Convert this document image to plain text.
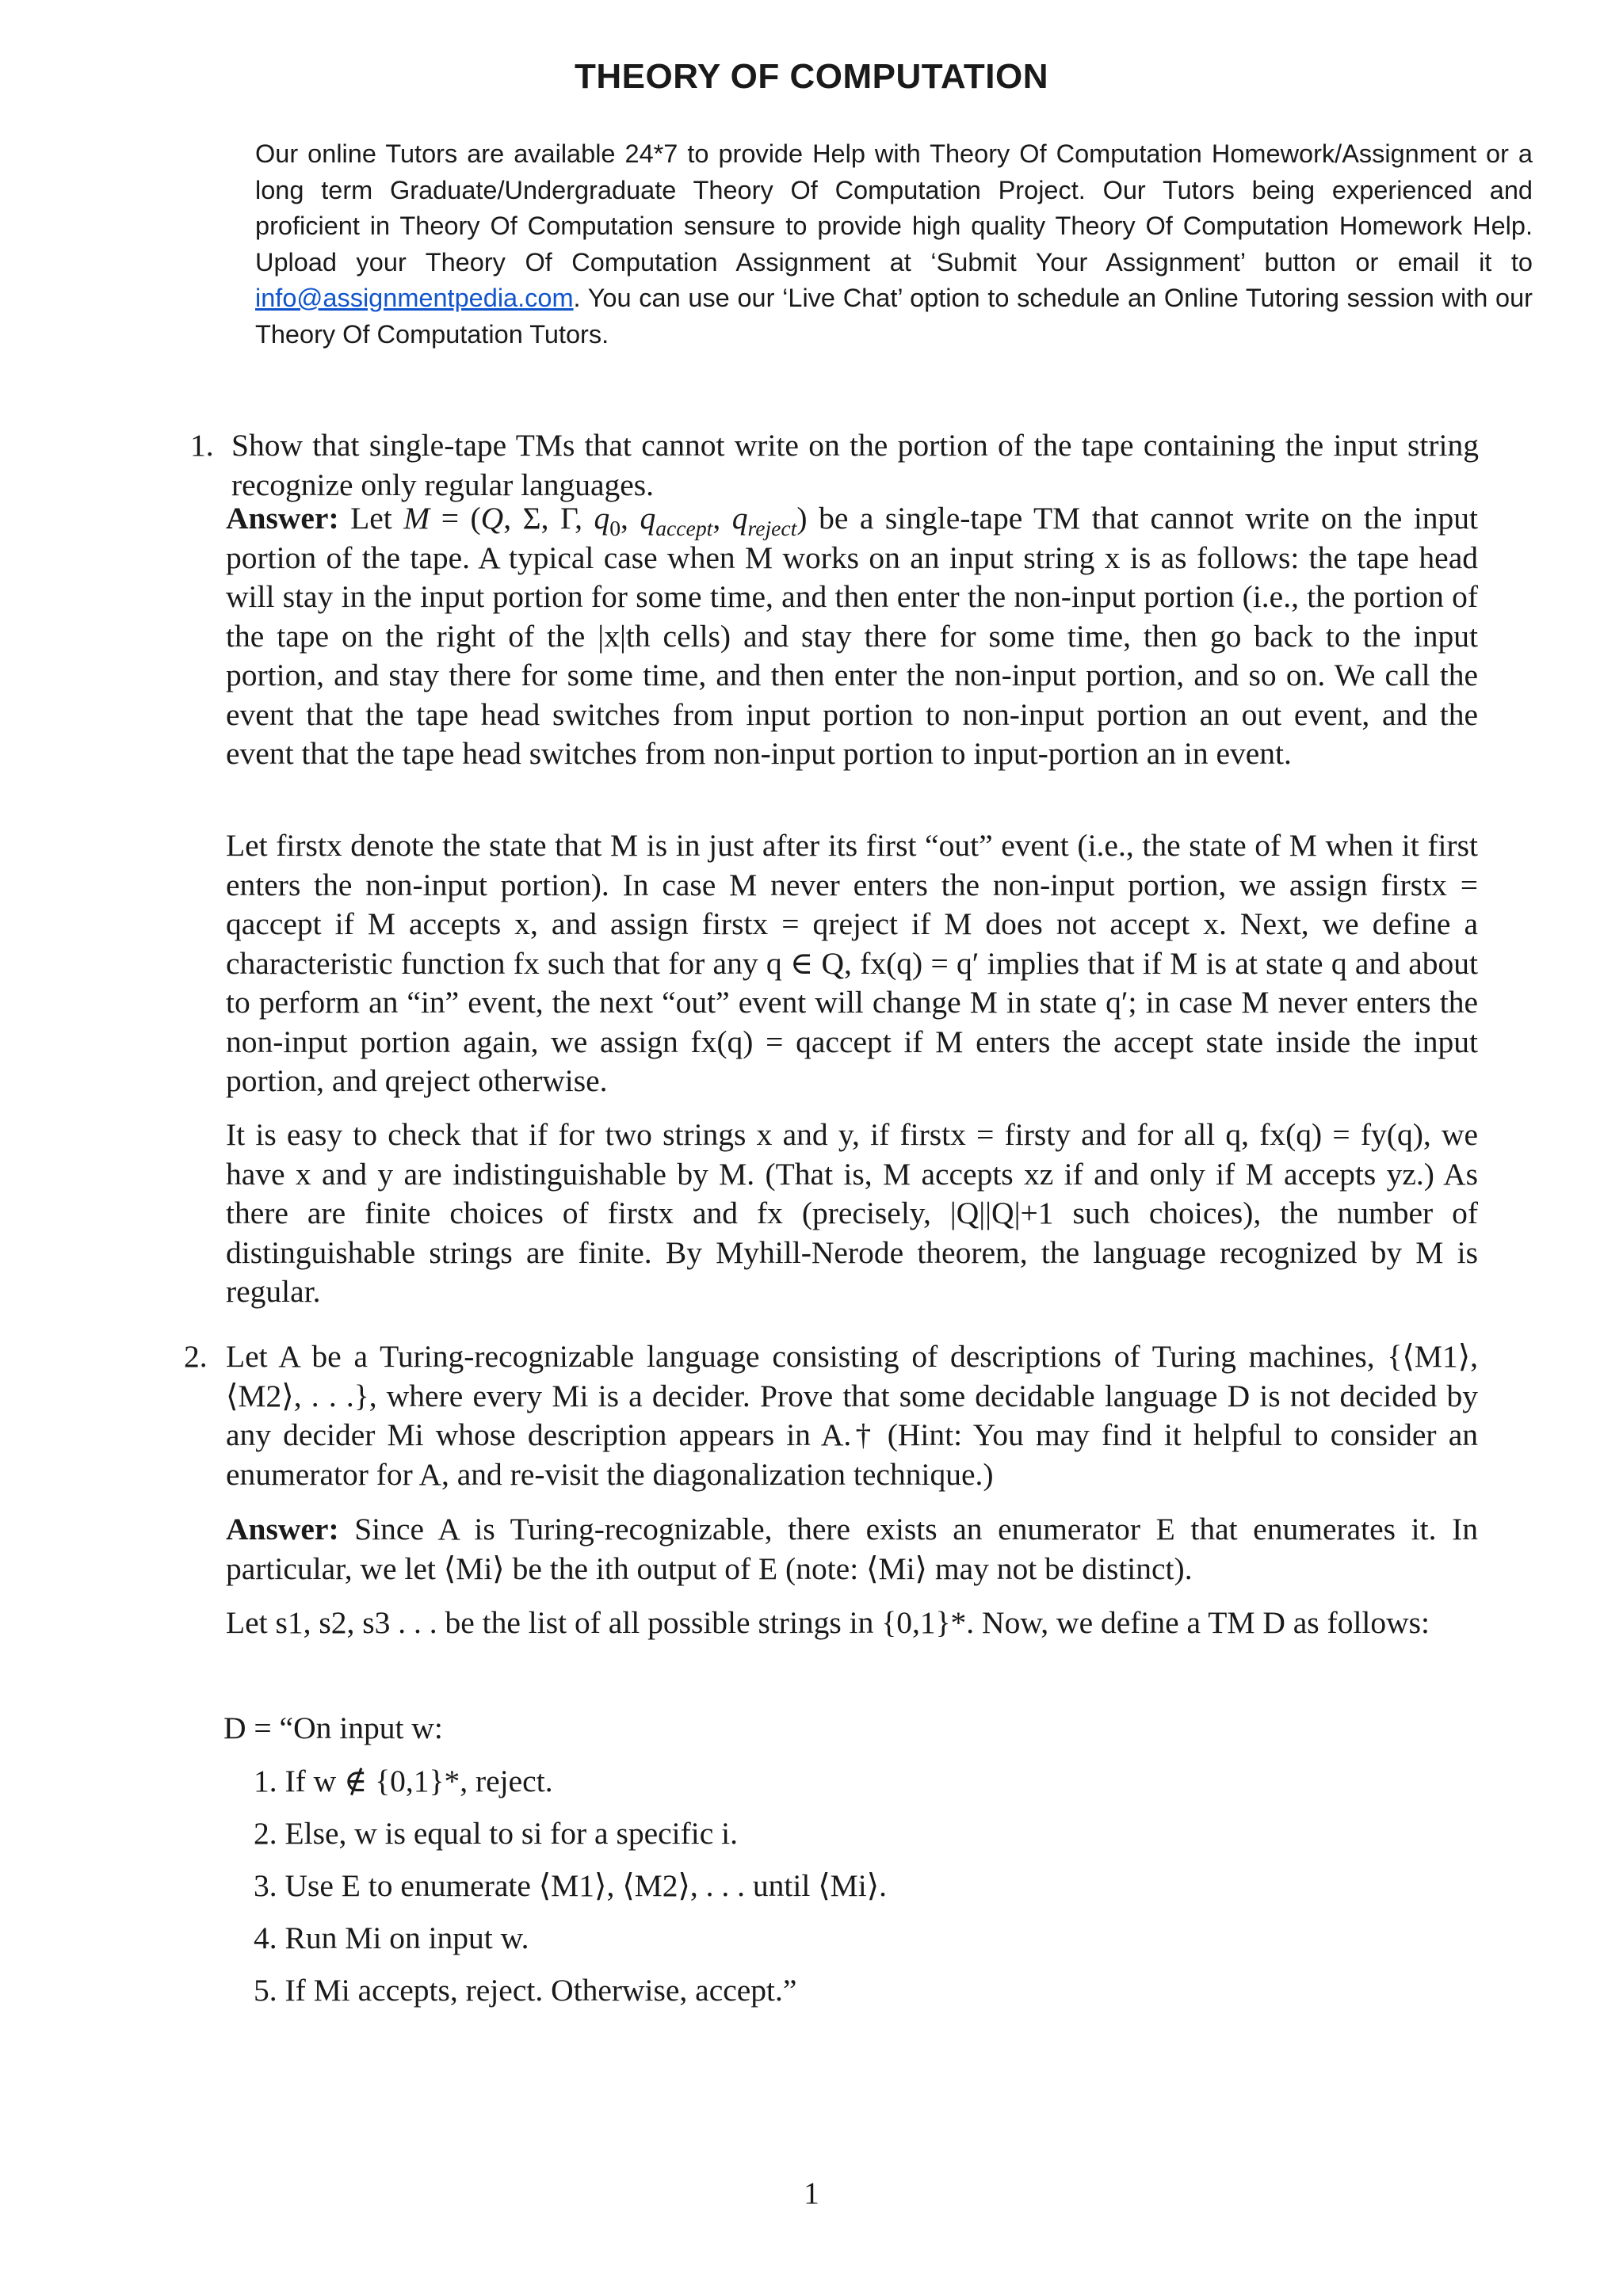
THEORY OF COMPUTATION
Our online Tutors are available 24*7 to provide Help with Theory Of Computation Homework/Assignment or a long term Graduate/Undergraduate Theory Of Computation Project. Our Tutors being experienced and proficient in Theory Of Computation sensure to provide high quality Theory Of Computation Homework Help. Upload your Theory Of Computation Assignment at ‘Submit Your Assignment’ button or email it to info@assignmentpedia.com. You can use our ‘Live Chat’ option to schedule an Online Tutoring session with our Theory Of Computation Tutors.
1. Show that single-tape TMs that cannot write on the portion of the tape containing the input string recognize only regular languages.

Answer: Let M = (Q, Σ, Γ, $q_0$, $q_{accept}$, $q_{reject}$) be a single-tape TM that cannot write on the input portion of the tape. A typical case when M works on an input string x is as follows: the tape head will stay in the input portion for some time, and then enter the non-input portion (i.e., the portion of the tape on the right of the |x|th cells) and stay there for some time, then go back to the input portion, and stay there for some time, and then enter the non-input portion, and so on. We call the event that the tape head switches from input portion to non-input portion an out event, and the event that the tape head switches from non-input portion to input-portion an in event.

Let firstx denote the state that M is in just after its first “out” event (i.e., the state of M when it first enters the non-input portion). In case M never enters the non-input portion, we assign firstx = qaccept if M accepts x, and assign firstx = qreject if M does not accept x. Next, we define a characteristic function fx such that for any q ∈ Q, fx(q) = q′ implies that if M is at state q and about to perform an “in” event, the next “out” event will change M in state q′; in case M never enters the non-input portion again, we assign fx(q) = qaccept if M enters the accept state inside the input portion, and qreject otherwise.

It is easy to check that if for two strings x and y, if firstx = firsty and for all q, fx(q) = fy(q), we have x and y are indistinguishable by M. (That is, M accepts xz if and only if M accepts yz.) As there are finite choices of firstx and fx (precisely, |Q||Q|+1 such choices), the number of distinguishable strings are finite. By Myhill-Nerode theorem, the language recognized by M is regular.

2. Let A be a Turing-recognizable language consisting of descriptions of Turing machines, {⟨M1⟩, ⟨M2⟩, . . .}, where every Mi is a decider. Prove that some decidable language D is not decided by any decider Mi whose description appears in A.† (Hint: You may find it helpful to consider an enumerator for A, and re-visit the diagonalization technique.)

Answer: Since A is Turing-recognizable, there exists an enumerator E that enumerates it. In particular, we let ⟨Mi⟩ be the ith output of E (note: ⟨Mi⟩ may not be distinct).

Let s1, s2, s3 . . . be the list of all possible strings in {0,1}*. Now, we define a TM D as follows:

D = “On input w:

1. If w ∉ {0,1}*, reject.

2. Else, w is equal to si for a specific i.

3. Use E to enumerate ⟨M1⟩, ⟨M2⟩, . . . until ⟨Mi⟩.

4. Run Mi on input w.

5. If Mi accepts, reject. Otherwise, accept.”

1
